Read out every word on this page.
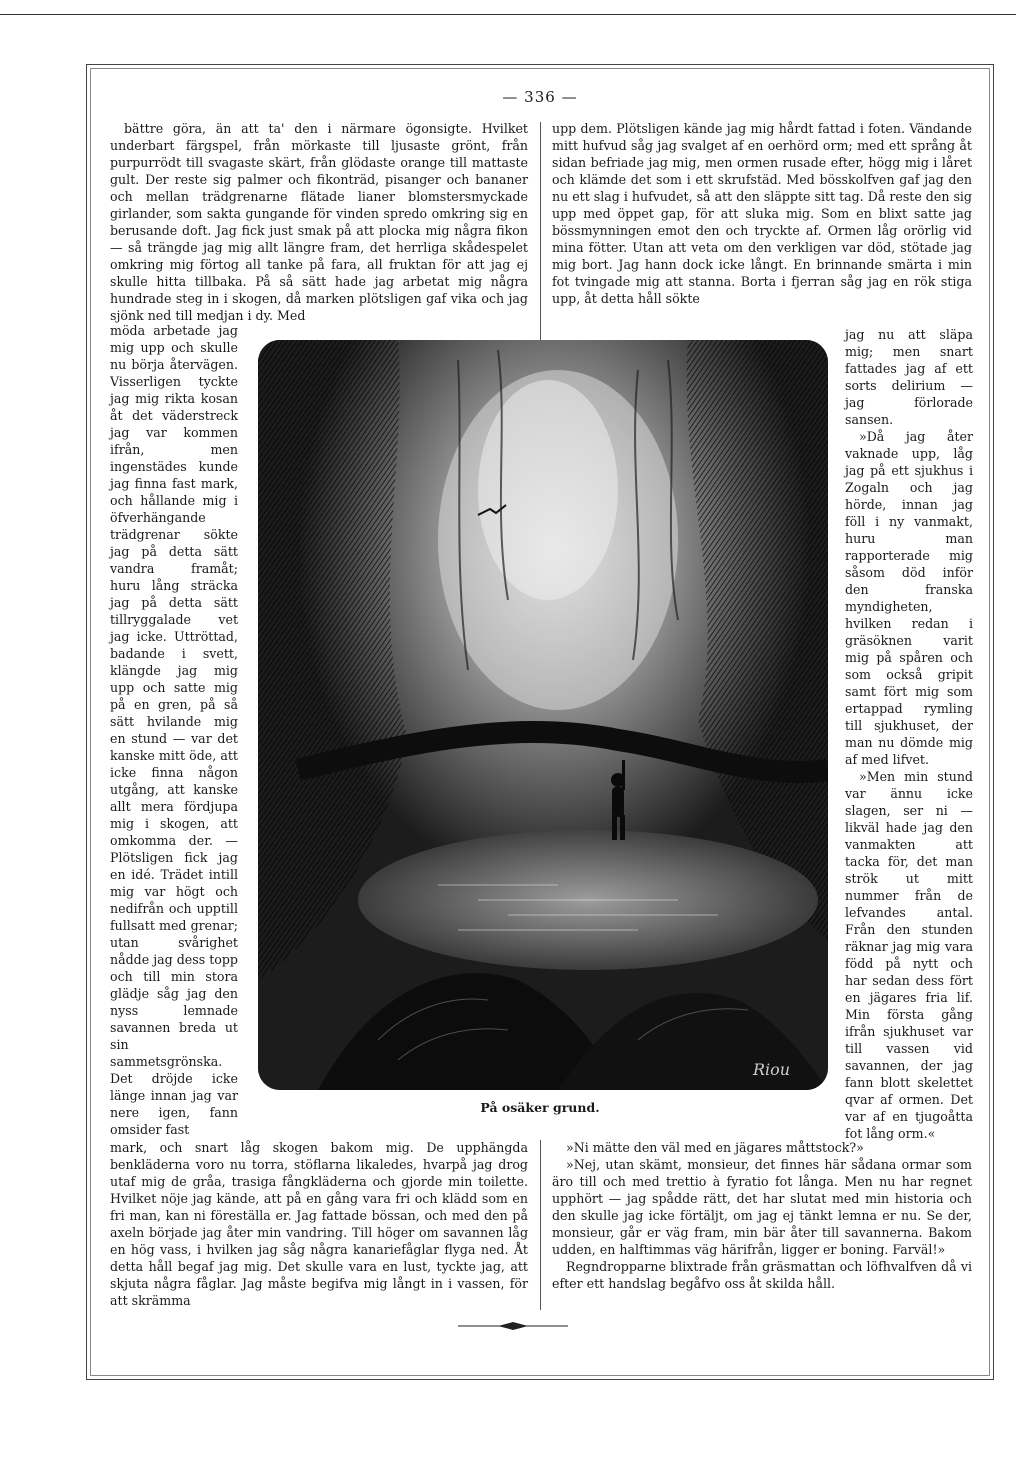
— 336 —

bättre göra, än att ta' den i närmare ögonsigte. Hvilket underbart färgspel, från mörkaste till ljusaste grönt, från purpurrödt till svagaste skärt, från glödaste orange till mattaste gult. Der reste sig palmer och fikonträd, pisanger och bananer och mellan trädgrenarne flätade lianer blomstersmyckade girlander, som sakta gungande för vinden spredo omkring sig en berusande doft. Jag fick just smak på att plocka mig några fikon — så trängde jag mig allt längre fram, det herrliga skådespelet omkring mig förtog all tanke på fara, all fruktan för att jag ej skulle hitta tillbaka. På så sätt hade jag arbetat mig några hundrade steg in i skogen, då marken plötsligen gaf vika och jag sjönk ned till medjan i dy. Med

möda arbetade jag mig upp och skulle nu börja återvägen. Visserligen tyckte jag mig rikta kosan åt det väderstreck jag var kommen ifrån, men ingenstädes kunde jag finna fast mark, och hållande mig i öfverhängande trädgrenar sökte jag på detta sätt vandra framåt; huru lång sträcka jag på detta sätt tillryggalade vet jag icke. Uttröttad, badande i svett, klängde jag mig upp och satte mig på en gren, på så sätt hvilande mig en stund — var det kanske mitt öde, att icke finna någon utgång, att kanske allt mera fördjupa mig i skogen, att omkomma der. — Plötsligen fick jag en idé. Trädet intill mig var högt och nedifrån och upptill fullsatt med grenar; utan svårighet nådde jag dess topp och till min stora glädje såg jag den nyss lemnade savannen breda ut sin sammetsgrönska. Det dröjde icke länge innan jag var nere igen, fann omsider fast

mark, och snart låg skogen bakom mig. De upphängda benkläderna voro nu torra, stöflarna likaledes, hvarpå jag drog utaf mig de gråa, trasiga fångkläderna och gjorde min toilette. Hvilket nöje jag kände, att på en gång vara fri och klädd som en fri man, kan ni föreställa er. Jag fattade bössan, och med den på axeln började jag åter min vandring. Till höger om savannen låg en hög vass, i hvilken jag såg några kanariefåglar flyga ned. Åt detta håll begaf jag mig. Det skulle vara en lust, tyckte jag, att skjuta några fåglar. Jag måste begifva mig långt in i vassen, för att skrämma

upp dem. Plötsligen kände jag mig hårdt fattad i foten. Vändande mitt hufvud såg jag svalget af en oerhörd orm; med ett språng åt sidan befriade jag mig, men ormen rusade efter, högg mig i låret och klämde det som i ett skrufstäd. Med bösskolfven gaf jag den nu ett slag i hufvudet, så att den släppte sitt tag. Då reste den sig upp med öppet gap, för att sluka mig. Som en blixt satte jag bössmynningen emot den och tryckte af. Ormen låg orörlig vid mina fötter. Utan att veta om den verkligen var död, stötade jag mig bort. Jag hann dock icke långt. En brinnande smärta i min fot tvingade mig att stanna. Borta i fjerran såg jag en rök stiga upp, åt detta håll sökte

jag nu att släpa mig; men snart fattades jag af ett sorts delirium — jag förlorade sansen.

»Då jag åter vaknade upp, låg jag på ett sjukhus i Zogaln och jag hörde, innan jag föll i ny vanmakt, huru man rapporterade mig såsom död inför den franska myndigheten, hvilken redan i gräsöknen varit mig på spåren och som också gripit samt fört mig som ertappad rymling till sjukhuset, der man nu dömde mig af med lifvet.

»Men min stund var ännu icke slagen, ser ni — likväl hade jag den vanmakten att tacka för, det man strök ut mitt nummer från de lefvandes antal. Från den stunden räknar jag mig vara född på nytt och har sedan dess fört en jägares fria lif. Min första gång ifrån sjukhuset var till vassen vid savannen, der jag fann blott skelettet qvar af ormen. Det var af en tjugoåtta fot lång orm.«

»Ni mätte den väl med en jägares måttstock?»

»Nej, utan skämt, monsieur, det finnes här sådana ormar som äro till och med trettio à fyratio fot långa. Men nu har regnet upphört — jag spådde rätt, det har slutat med min historia och den skulle jag icke förtäljt, om jag ej tänkt lemna er nu. Se der, monsieur, går er väg fram, min bär åter till savannerna. Bakom udden, en halftimmas väg härifrån, ligger er boning. Farväl!»

Regndropparne blixtrade från gräsmattan och löfhvalfven då vi efter ett handslag begåfvo oss åt skilda håll.

Riou
På osäker grund.
